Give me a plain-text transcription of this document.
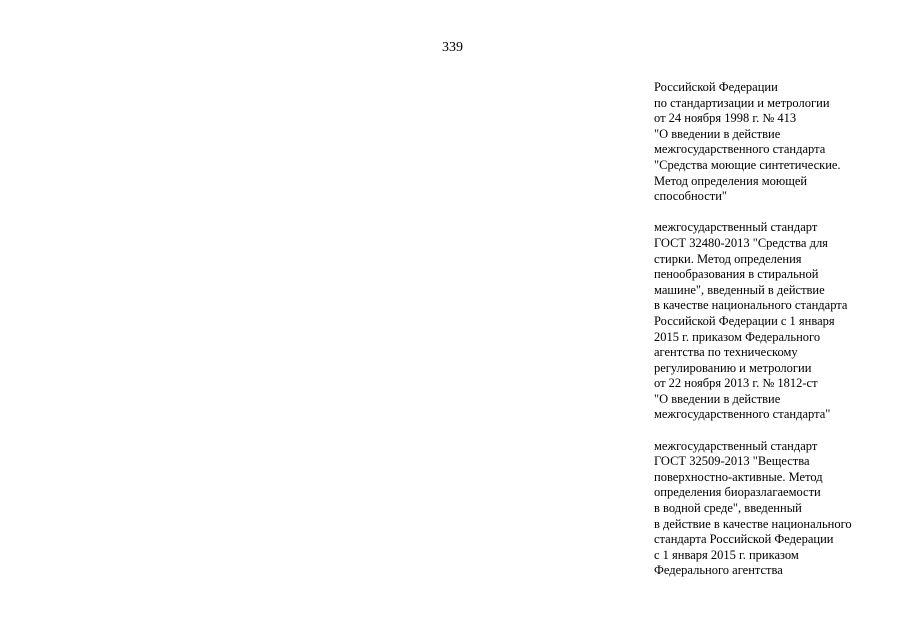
339

Российской Федерации
по стандартизации и метрологии
от 24 ноября 1998 г. № 413
"О введении в действие
межгосударственного стандарта
"Средства моющие синтетические.
Метод определения моющей
способности"

межгосударственный стандарт
ГОСТ 32480-2013 "Средства для
стирки. Метод определения
пенообразования в стиральной
машине", введенный в действие
в качестве национального стандарта
Российской Федерации с 1 января
2015 г. приказом Федерального
агентства по техническому
регулированию и метрологии
от 22 ноября 2013 г. № 1812-ст
"О введении в действие
межгосударственного стандарта"

межгосударственный стандарт
ГОСТ 32509-2013 "Вещества
поверхностно-активные. Метод
определения биоразлагаемости
в водной среде", введенный
в действие в качестве национального
стандарта Российской Федерации
с 1 января 2015 г. приказом
Федерального агентства
